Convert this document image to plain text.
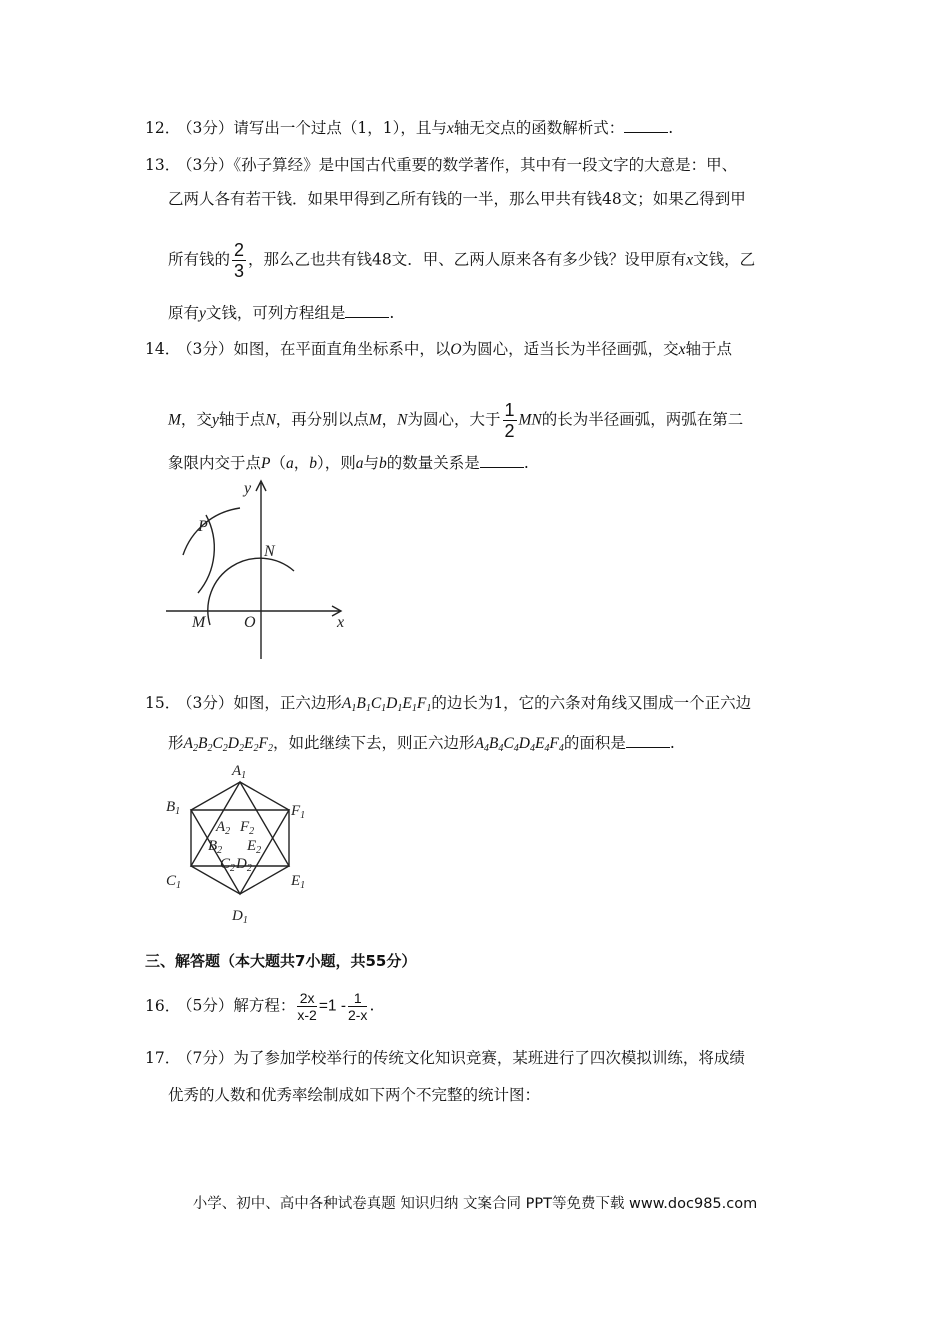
12．（3分）请写出一个过点（1，1），且与x轴无交点的函数解析式：	.
13．（3分）《孙子算经》是中国古代重要的数学著作，其中有一段文字的大意是：甲、
乙两人各有若干钱．如果甲得到乙所有钱的一半，那么甲共有钱48文；如果乙得到甲
所有钱的 $\frac{2}{3}$ ，那么乙也共有钱48文．甲、乙两人原来各有多少钱？设甲原有x文钱，乙
原有y文钱，可列方程组是	.
14．（3分）如图，在平面直角坐标系中，以O为圆心，适当长为半径画弧，交x轴于点
M，交y轴于点N，再分别以点M，N为圆心，大于 $\frac{1}{2}$ MN的长为半径画弧，两弧在第二
象限内交于点P（a，b），则a与b的数量关系是	.
y
x
P
N
M O
15．（3分）如图，正六边形$A_1B_1C_1D_1E_1F_1$的边长为1，它的六条对角线又围成一个正六边
形$A_2B_2C_2D_2E_2F_2$，如此继续下去，则正六边形$A_4B_4C_4D_4E_4F_4$的面积是	.
$A_1$
$B_1$	$F_1$
$C_1$	$E_1$
$D_1$
$A_2$ $F_2$
$B_2$ $E_2$
$C_2$ $D_2$
三、解答题（本大题共7小题，共55分）
16．（5分）解方程： $\frac{2x}{x-2} =1 - \frac{1}{2-x}$ .
17．（7分）为了参加学校举行的传统文化知识竞赛，某班进行了四次模拟训练，将成绩
优秀的人数和优秀率绘制成如下两个不完整的统计图：
小学、初中、高中各种试卷真题 知识归纳 文案合同 PPT等免费下载 www.doc985.com
